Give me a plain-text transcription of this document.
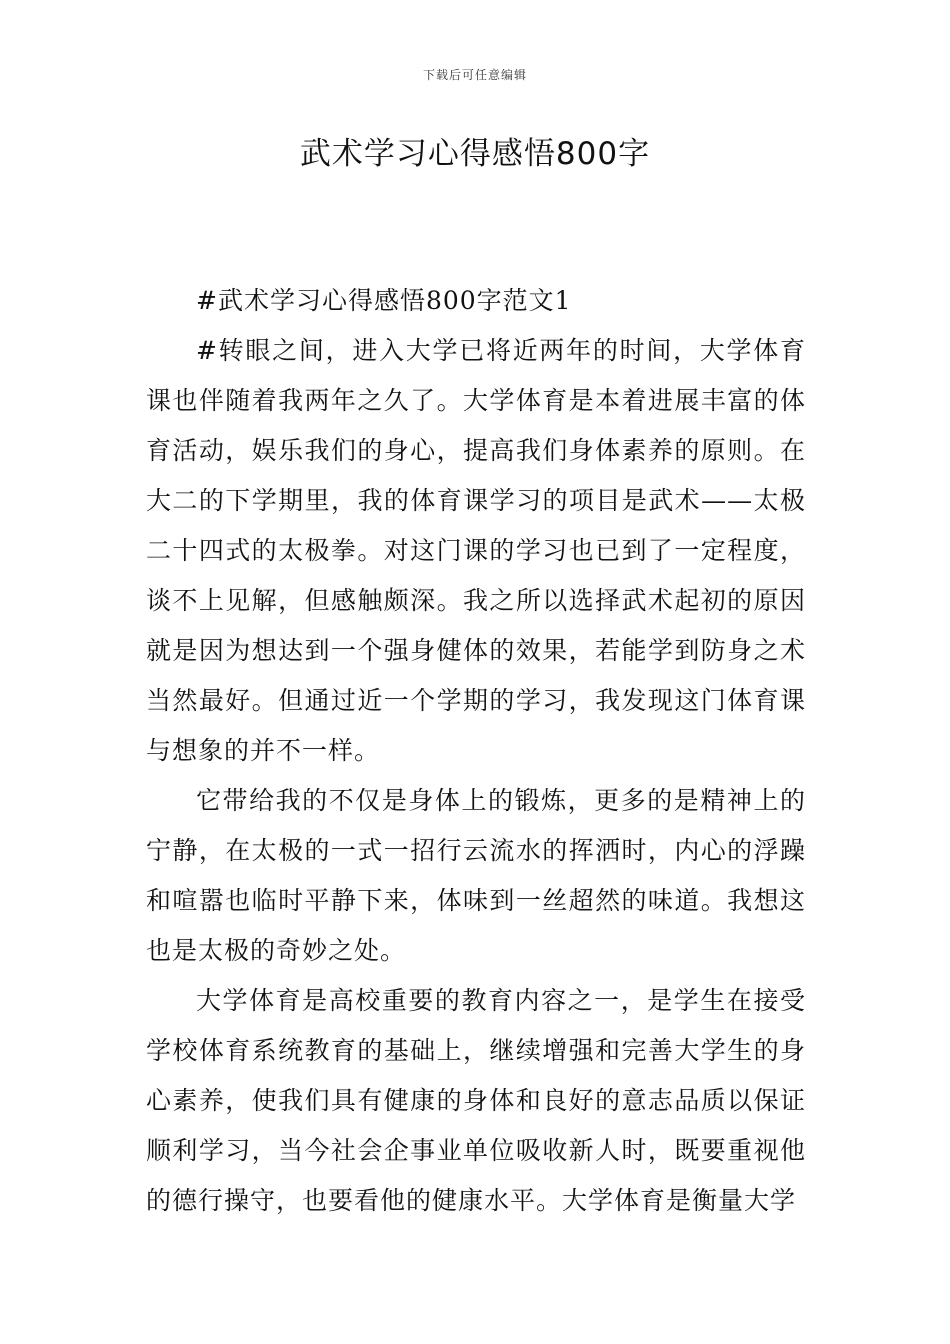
下载后可任意编辑
武术学习心得感悟800字

#武术学习心得感悟800字范文1

#转眼之间，进入大学已将近两年的时间，大学体育课也伴随着我两年之久了。大学体育是本着进展丰富的体育活动，娱乐我们的身心，提高我们身体素养的原则。在大二的下学期里，我的体育课学习的项目是武术——太极二十四式的太极拳。对这门课的学习也已到了一定程度，谈不上见解，但感触颇深。我之所以选择武术起初的原因就是因为想达到一个强身健体的效果，若能学到防身之术当然最好。但通过近一个学期的学习，我发现这门体育课与想象的并不一样。

它带给我的不仅是身体上的锻炼，更多的是精神上的宁静，在太极的一式一招行云流水的挥洒时，内心的浮躁和喧嚣也临时平静下来，体味到一丝超然的味道。我想这也是太极的奇妙之处。

大学体育是高校重要的教育内容之一，是学生在接受学校体育系统教育的基础上，继续增强和完善大学生的身心素养，使我们具有健康的身体和良好的意志品质以保证顺利学习，当今社会企事业单位吸收新人时，既要重视他的德行操守，也要看他的健康水平。大学体育是衡量大学
